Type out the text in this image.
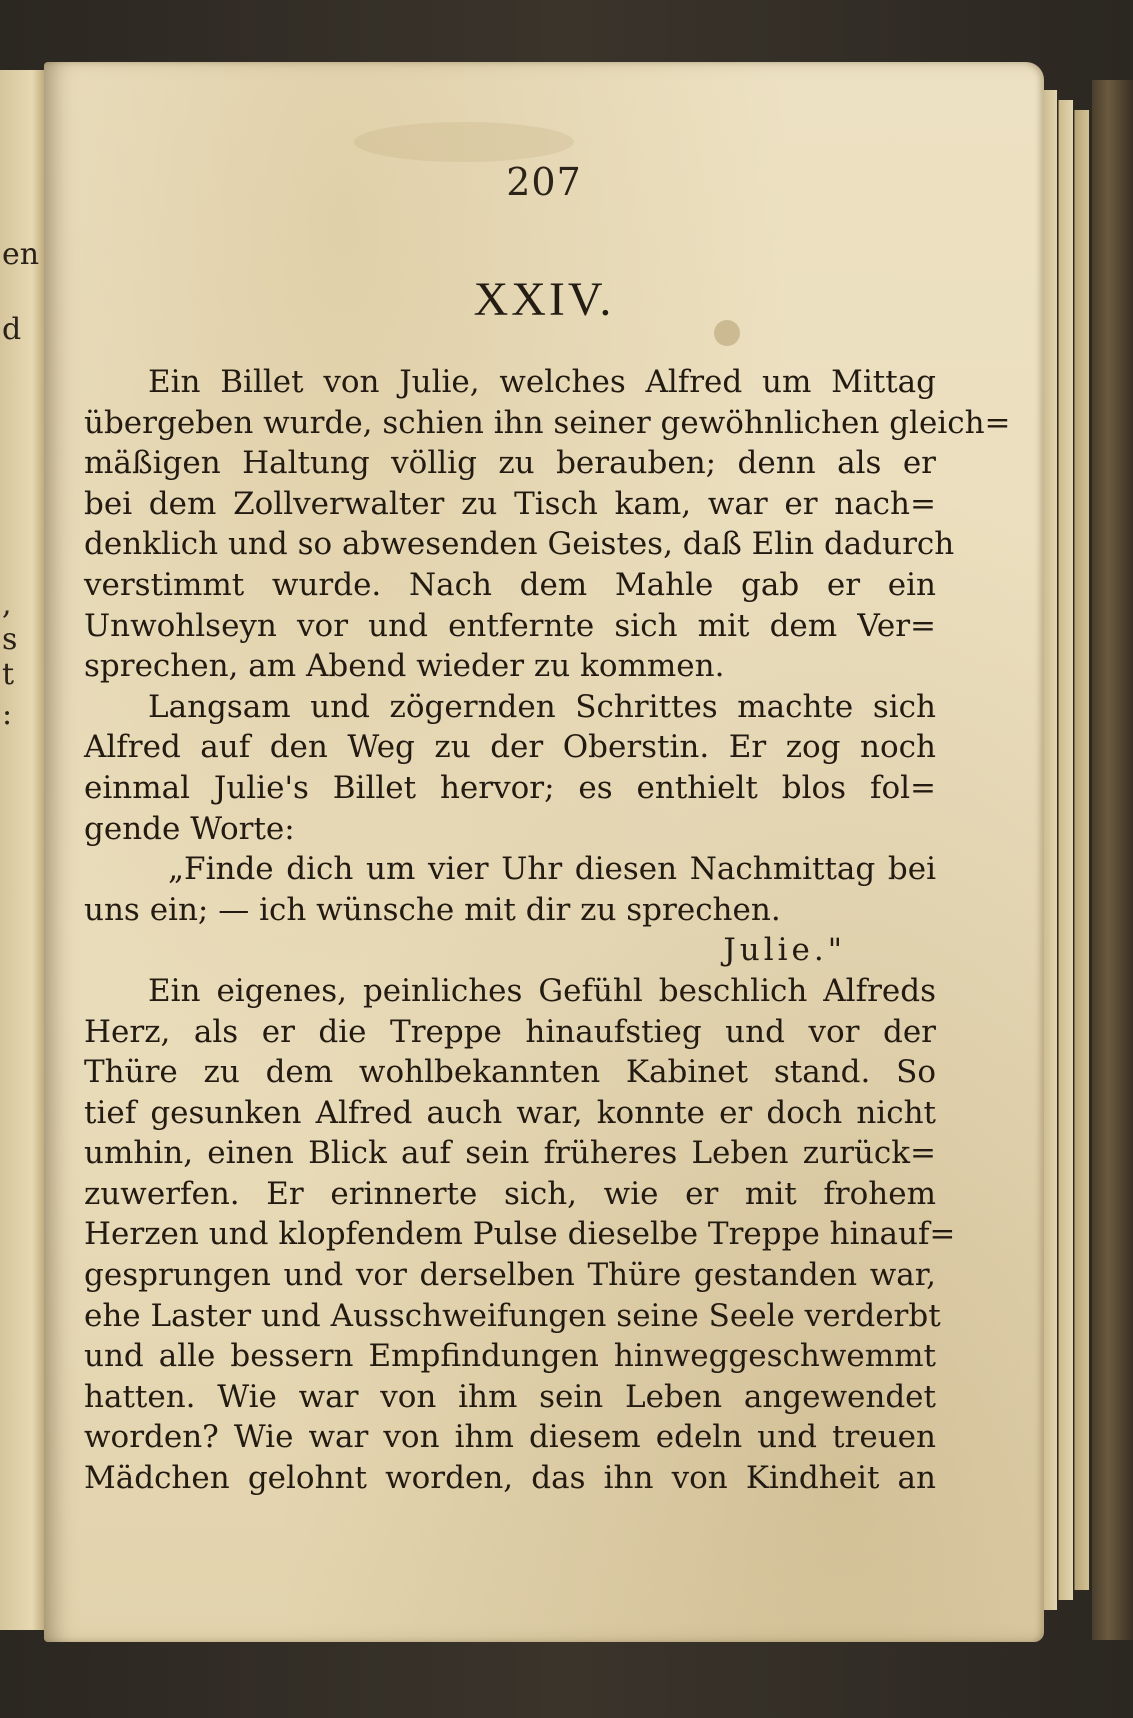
en
d
,
s
t
:
207
XXIV.
Ein Billet von Julie, welches Alfred um Mittag
übergeben wurde, schien ihn seiner gewöhnlichen gleich=
mäßigen Haltung völlig zu berauben; denn als er
bei dem Zollverwalter zu Tisch kam, war er nach=
denklich und so abwesenden Geistes, daß Elin dadurch
verstimmt wurde. Nach dem Mahle gab er ein
Unwohlseyn vor und entfernte sich mit dem Ver=
sprechen, am Abend wieder zu kommen.
Langsam und zögernden Schrittes machte sich
Alfred auf den Weg zu der Oberstin. Er zog noch
einmal Julie's Billet hervor; es enthielt blos fol=
gende Worte:
„Finde dich um vier Uhr diesen Nachmittag bei
uns ein; — ich wünsche mit dir zu sprechen.
Julie."
Ein eigenes, peinliches Gefühl beschlich Alfreds
Herz, als er die Treppe hinaufstieg und vor der
Thüre zu dem wohlbekannten Kabinet stand. So
tief gesunken Alfred auch war, konnte er doch nicht
umhin, einen Blick auf sein früheres Leben zurück=
zuwerfen. Er erinnerte sich, wie er mit frohem
Herzen und klopfendem Pulse dieselbe Treppe hinauf=
gesprungen und vor derselben Thüre gestanden war,
ehe Laster und Ausschweifungen seine Seele verderbt
und alle bessern Empfindungen hinweggeschwemmt
hatten. Wie war von ihm sein Leben angewendet
worden? Wie war von ihm diesem edeln und treuen
Mädchen gelohnt worden, das ihn von Kindheit an
